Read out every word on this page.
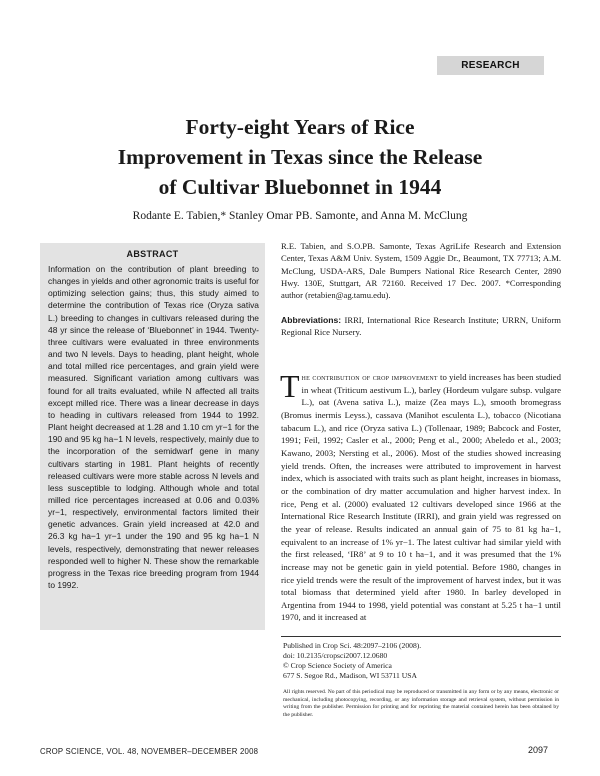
RESEARCH
Forty-eight Years of Rice
Improvement in Texas since the Release
of Cultivar Bluebonnet in 1944
Rodante E. Tabien,* Stanley Omar PB. Samonte, and Anna M. McClung
ABSTRACT

Information on the contribution of plant breeding to changes in yields and other agronomic traits is useful for optimizing selection gains; thus, this study aimed to determine the contribution of Texas rice (Oryza sativa L.) breeding to changes in cultivars released during the 48 yr since the release of ‘Bluebonnet’ in 1944. Twenty-three cultivars were evaluated in three environments and two N levels. Days to heading, plant height, whole and total milled rice percentages, and grain yield were measured. Significant variation among cultivars was found for all traits evaluated, while N affected all traits except milled rice. There was a linear decrease in days to heading in cultivars released from 1944 to 1992. Plant height decreased at 1.28 and 1.10 cm yr−1 for the 190 and 95 kg ha−1 N levels, respectively, mainly due to the incorporation of the semidwarf gene in many cultivars starting in 1981. Plant heights of recently released cultivars were more stable across N levels and less susceptible to lodging. Although whole and total milled rice percentages increased at 0.06 and 0.03% yr−1, respectively, environmental factors limited their genetic advances. Grain yield increased at 42.0 and 26.3 kg ha−1 yr−1 under the 190 and 95 kg ha−1 N levels, respectively, demonstrating that newer releases responded well to higher N. These show the remarkable progress in the Texas rice breeding program from 1944 to 1992.

R.E. Tabien, and S.O.PB. Samonte, Texas AgriLife Research and Extension Center, Texas A&M Univ. System, 1509 Aggie Dr., Beaumont, TX 77713; A.M. McClung, USDA-ARS, Dale Bumpers National Rice Research Center, 2890 Hwy. 130E, Stuttgart, AR 72160. Received 17 Dec. 2007. *Corresponding author (retabien@ag.tamu.edu).

Abbreviations: IRRI, International Rice Research Institute; URRN, Uniform Regional Rice Nursery.

The contribution of crop improvement to yield increases has been studied in wheat (Triticum aestivum L.), barley (Hordeum vulgare subsp. vulgare L.), oat (Avena sativa L.), maize (Zea mays L.), smooth bromegrass (Bromus inermis Leyss.), cassava (Manihot esculenta L.), tobacco (Nicotiana tabacum L.), and rice (Oryza sativa L.) (Tollenaar, 1989; Babcock and Foster, 1991; Feil, 1992; Casler et al., 2000; Peng et al., 2000; Abeledo et al., 2003; Kawano, 2003; Nersting et al., 2006). Most of the studies showed increasing yield trends. Often, the increases were attributed to improvement in harvest index, which is associated with traits such as plant height, increases in biomass, or the combination of dry matter accumulation and higher harvest index. In rice, Peng et al. (2000) evaluated 12 cultivars developed since 1966 at the International Rice Research Institute (IRRI), and grain yield was regressed on the year of release. Results indicated an annual gain of 75 to 81 kg ha−1, equivalent to an increase of 1% yr−1. The latest cultivar had similar yield with the first released, ‘IR8’ at 9 to 10 t ha−1, and it was presumed that the 1% increase may not be genetic gain in yield potential. Before 1980, changes in rice yield trends were the result of the improvement of harvest index, but it was total biomass that determined yield after 1980. In barley developed in Argentina from 1944 to 1998, yield potential was constant at 5.25 t ha−1 until 1970, and it increased at

Published in Crop Sci. 48:2097–2106 (2008).
doi: 10.2135/cropsci2007.12.0680
© Crop Science Society of America
677 S. Segoe Rd., Madison, WI 53711 USA

All rights reserved. No part of this periodical may be reproduced or transmitted in any form or by any means, electronic or mechanical, including photocopying, recording, or any information storage and retrieval system, without permission in writing from the publisher. Permission for printing and for reprinting the material contained herein has been obtained by the publisher.

CROP SCIENCE, VOL. 48, NOVEMBER–DECEMBER 2008	2097
